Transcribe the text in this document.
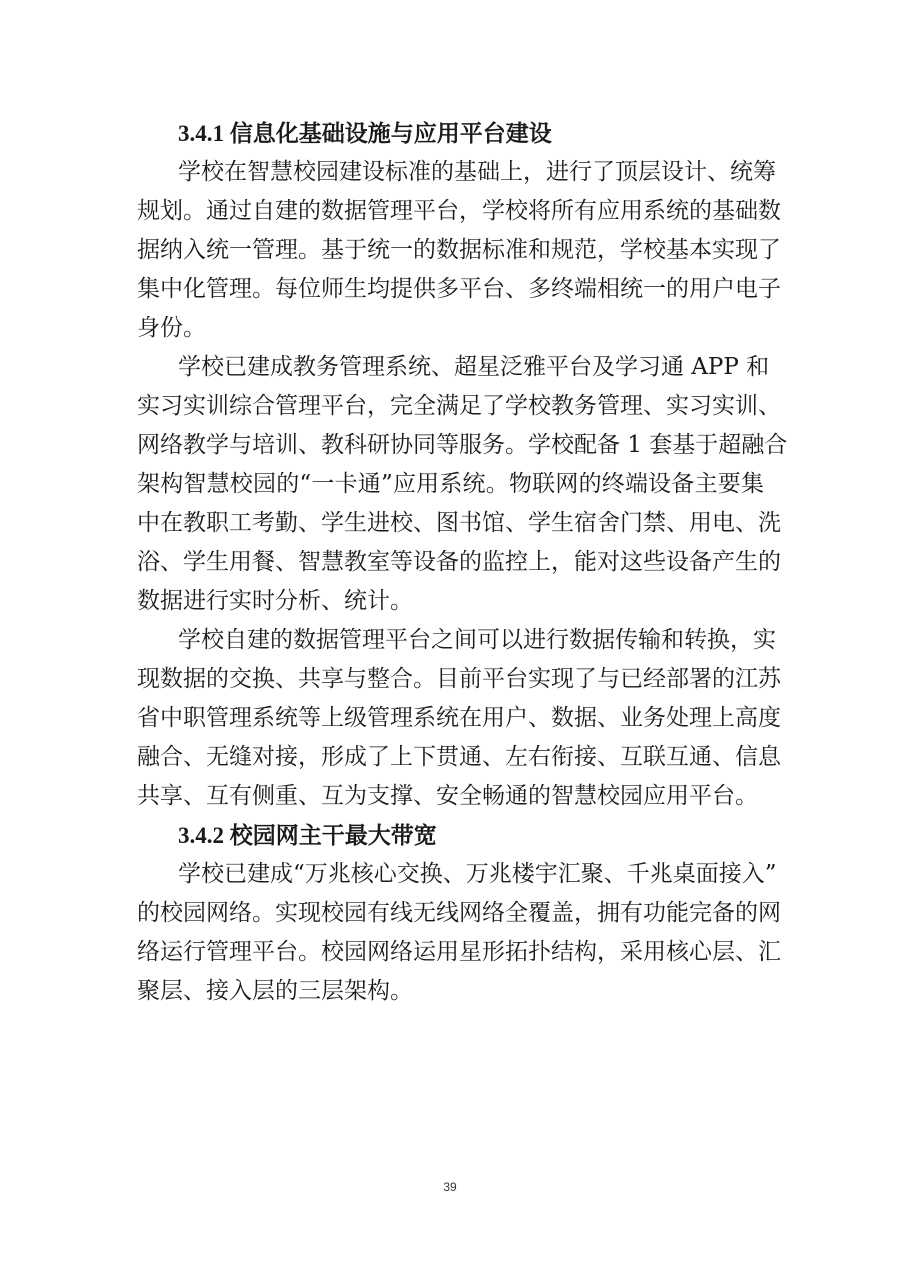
3.4.1 信息化基础设施与应用平台建设
学校在智慧校园建设标准的基础上，进行了顶层设计、统筹
规划。通过自建的数据管理平台，学校将所有应用系统的基础数
据纳入统一管理。基于统一的数据标准和规范，学校基本实现了
集中化管理。每位师生均提供多平台、多终端相统一的用户电子
身份。
学校已建成教务管理系统、超星泛雅平台及学习通 APP 和
实习实训综合管理平台，完全满足了学校教务管理、实习实训、
网络教学与培训、教科研协同等服务。学校配备 1 套基于超融合
架构智慧校园的“一卡通”应用系统。物联网的终端设备主要集
中在教职工考勤、学生进校、图书馆、学生宿舍门禁、用电、洗
浴、学生用餐、智慧教室等设备的监控上，能对这些设备产生的
数据进行实时分析、统计。
学校自建的数据管理平台之间可以进行数据传输和转换，实
现数据的交换、共享与整合。目前平台实现了与已经部署的江苏
省中职管理系统等上级管理系统在用户、数据、业务处理上高度
融合、无缝对接，形成了上下贯通、左右衔接、互联互通、信息
共享、互有侧重、互为支撑、安全畅通的智慧校园应用平台。
3.4.2 校园网主干最大带宽
学校已建成“万兆核心交换、万兆楼宇汇聚、千兆桌面接入”
的校园网络。实现校园有线无线网络全覆盖，拥有功能完备的网
络运行管理平台。校园网络运用星形拓扑结构，采用核心层、汇
聚层、接入层的三层架构。
39
